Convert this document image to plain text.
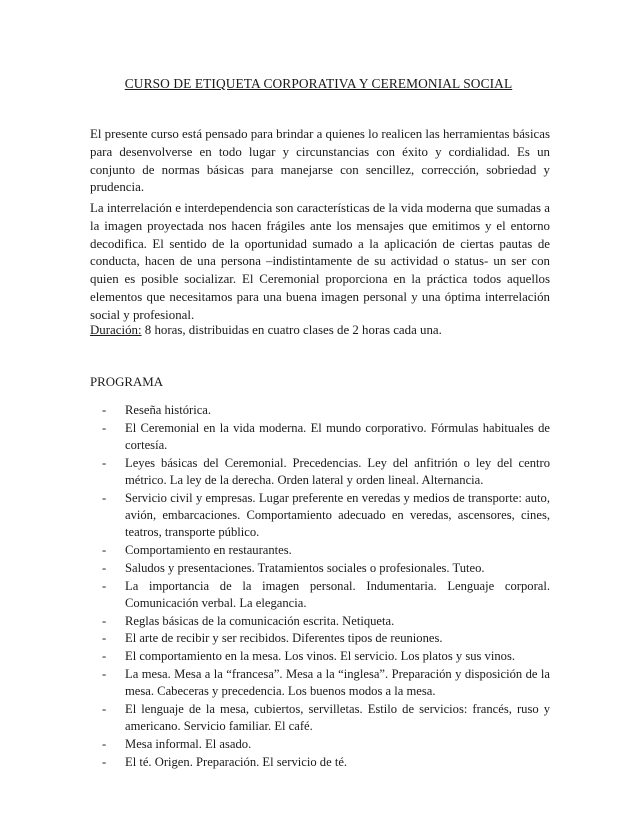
CURSO DE ETIQUETA CORPORATIVA Y CEREMONIAL SOCIAL
El presente curso está pensado para brindar a quienes lo realicen las herramientas básicas para desenvolverse en todo lugar y circunstancias con éxito y cordialidad. Es un conjunto de normas básicas para manejarse con sencillez, corrección, sobriedad y prudencia.
La interrelación e interdependencia son características de la vida moderna que sumadas a la imagen proyectada nos hacen frágiles ante los mensajes que emitimos y el entorno decodifica. El sentido de la oportunidad sumado a la aplicación de ciertas pautas de conducta, hacen de una persona –indistintamente de su actividad o status- un ser con quien es posible socializar. El Ceremonial proporciona en la práctica todos aquellos elementos que necesitamos para una buena imagen personal y una óptima interrelación social y profesional.
Duración: 8 horas, distribuidas en cuatro clases de 2 horas cada una.
PROGRAMA
- Reseña histórica.
- El Ceremonial en la vida moderna. El mundo corporativo. Fórmulas habituales de cortesía.
- Leyes básicas del Ceremonial. Precedencias. Ley del anfitrión o ley del centro métrico. La ley de la derecha. Orden lateral y orden lineal. Alternancia.
- Servicio civil y empresas. Lugar preferente en veredas y medios de transporte: auto, avión, embarcaciones. Comportamiento adecuado en veredas, ascensores, cines, teatros, transporte público.
- Comportamiento en restaurantes.
- Saludos y presentaciones. Tratamientos sociales o profesionales. Tuteo.
- La importancia de la imagen personal. Indumentaria. Lenguaje corporal. Comunicación verbal. La elegancia.
- Reglas básicas de la comunicación escrita. Netiqueta.
- El arte de recibir y ser recibidos. Diferentes tipos de reuniones.
- El comportamiento en la mesa. Los vinos. El servicio. Los platos y sus vinos.
- La mesa. Mesa a la “francesa”. Mesa a la “inglesa”. Preparación y disposición de la mesa. Cabeceras y precedencia. Los buenos modos a la mesa.
- El lenguaje de la mesa, cubiertos, servilletas. Estilo de servicios: francés, ruso y americano. Servicio familiar. El café.
- Mesa informal. El asado.
- El té. Origen. Preparación. El servicio de té.
